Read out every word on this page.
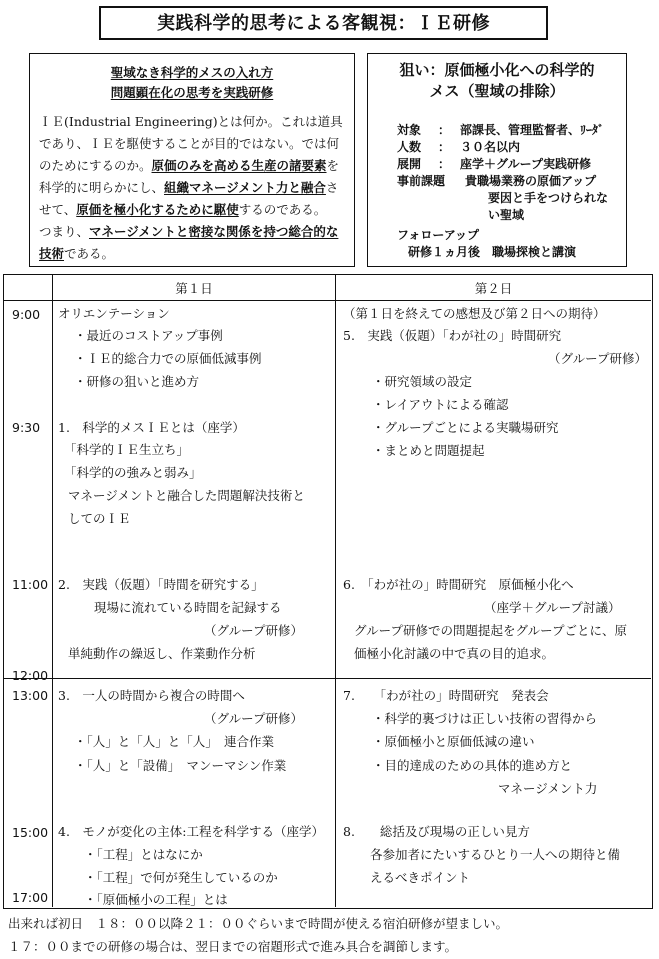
実践科学的思考による客観視：ＩＥ研修
聖域なき科学的メスの入れ方
問題顕在化の思考を実践研修
ＩＥ(Industrial Engineering)とは何か。これは道具
であり、ＩＥを駆使することが目的ではない。では何
のためにするのか。原価のみを高める生産の諸要素を
科学的に明らかにし、組織マネージメント力と融合さ
せて、原価を極小化するために駆使するのである。
つまり、マネージメントと密接な関係を持つ総合的な
技術である。
狙い：原価極小化への科学的
メス（聖域の排除）
対象 ： 部課長、管理監督者、ﾘｰﾀﾞ
人数 ： ３０名以内
展開 ： 座学＋グループ実践研修
事前課題 貴職場業務の原価アップ
要因と手をつけられな
い聖域
フォローアップ
研修１ヵ月後　職場探検と講演
第１日	第２日
9:00
9:30
11:00
12:00
13:00
15:00
17:00
オリエンテーション
・最近のコストアップ事例
・ＩＥ的総合力での原価低減事例
・研修の狙いと進め方
1.　科学的メスＩＥとは（座学）
「科学的ＩＥ生立ち」
「科学的の強みと弱み」
マネージメントと融合した問題解決技術と
してのＩＥ
2.　実践（仮題）｢時間を研究する｣
現場に流れている時間を記録する
（グループ研修）
単純動作の繰返し、作業動作分析
3.　一人の時間から複合の時間へ
（グループ研修）
・「人」と「人」と「人」　連合作業
・「人」と「設備」　マンーマシン作業
4.　モノが変化の主体:工程を科学する（座学）
・「工程」とはなにか
・「工程」で何が発生しているのか
・「原価極小の工程」とは
（第１日を終えての感想及び第２日への期待）
5.　実践（仮題）「わが社の」時間研究
（グループ研修）
・研究領域の設定
・レイアウトによる確認
・グループごとによる実職場研究
・まとめと問題提起
6.　「わが社の」時間研究　原価極小化へ
（座学＋グループ討議）
グループ研修での問題提起をグループごとに、原
価極小化討議の中で真の目的追求。
7.　　「わが社の」時間研究　発表会
・科学的裏づけは正しい技術の習得から
・原価極小と原価低減の違い
・目的達成のための具体的進め方と
マネージメント力
8.　　総括及び現場の正しい見方
各参加者にたいするひとり一人への期待と備
えるべきポイント
出来れば初日　１８：００以降２１：００ぐらいまで時間が使える宿泊研修が望ましい。
１７：００までの研修の場合は、翌日までの宿題形式で進み具合を調節します。
